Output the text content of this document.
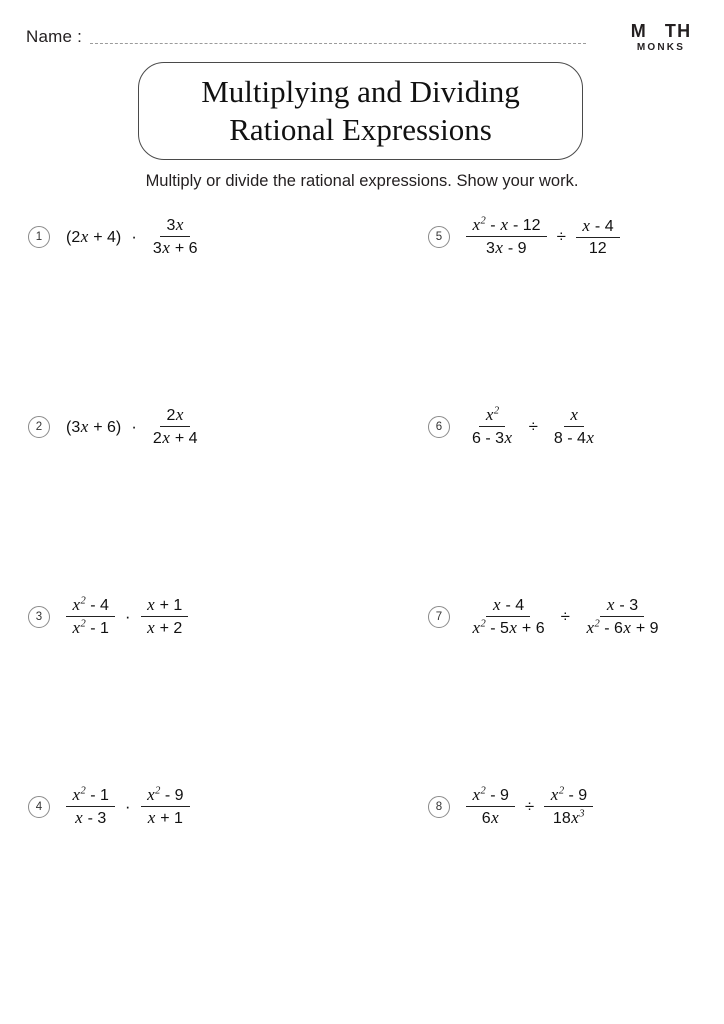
Name :	M TH
MONKS
Multiplying and Dividing
Rational Expressions
Multiply or divide the rational expressions. Show your work.
1	$(2x + 4) \cdot \frac{3x}{3x + 6}$	5	$\frac{x^2 - x - 12}{3x - 9} \div \frac{x - 4}{12}$
2	$(3x + 6) \cdot \frac{2x}{2x + 4}$	6	$\frac{x^2}{6 - 3x} \div \frac{x}{8 - 4x}$
3	$\frac{x^2 - 4}{x^2 - 1} \cdot \frac{x + 1}{x + 2}$	7	$\frac{x - 4}{x^2 - 5x + 6} \div \frac{x - 3}{x^2 - 6x + 9}$
4	$\frac{x^2 - 1}{x - 3} \cdot \frac{x^2 - 9}{x + 1}$	8	$\frac{x^2 - 9}{6x} \div \frac{x^2 - 9}{18x^3}$
